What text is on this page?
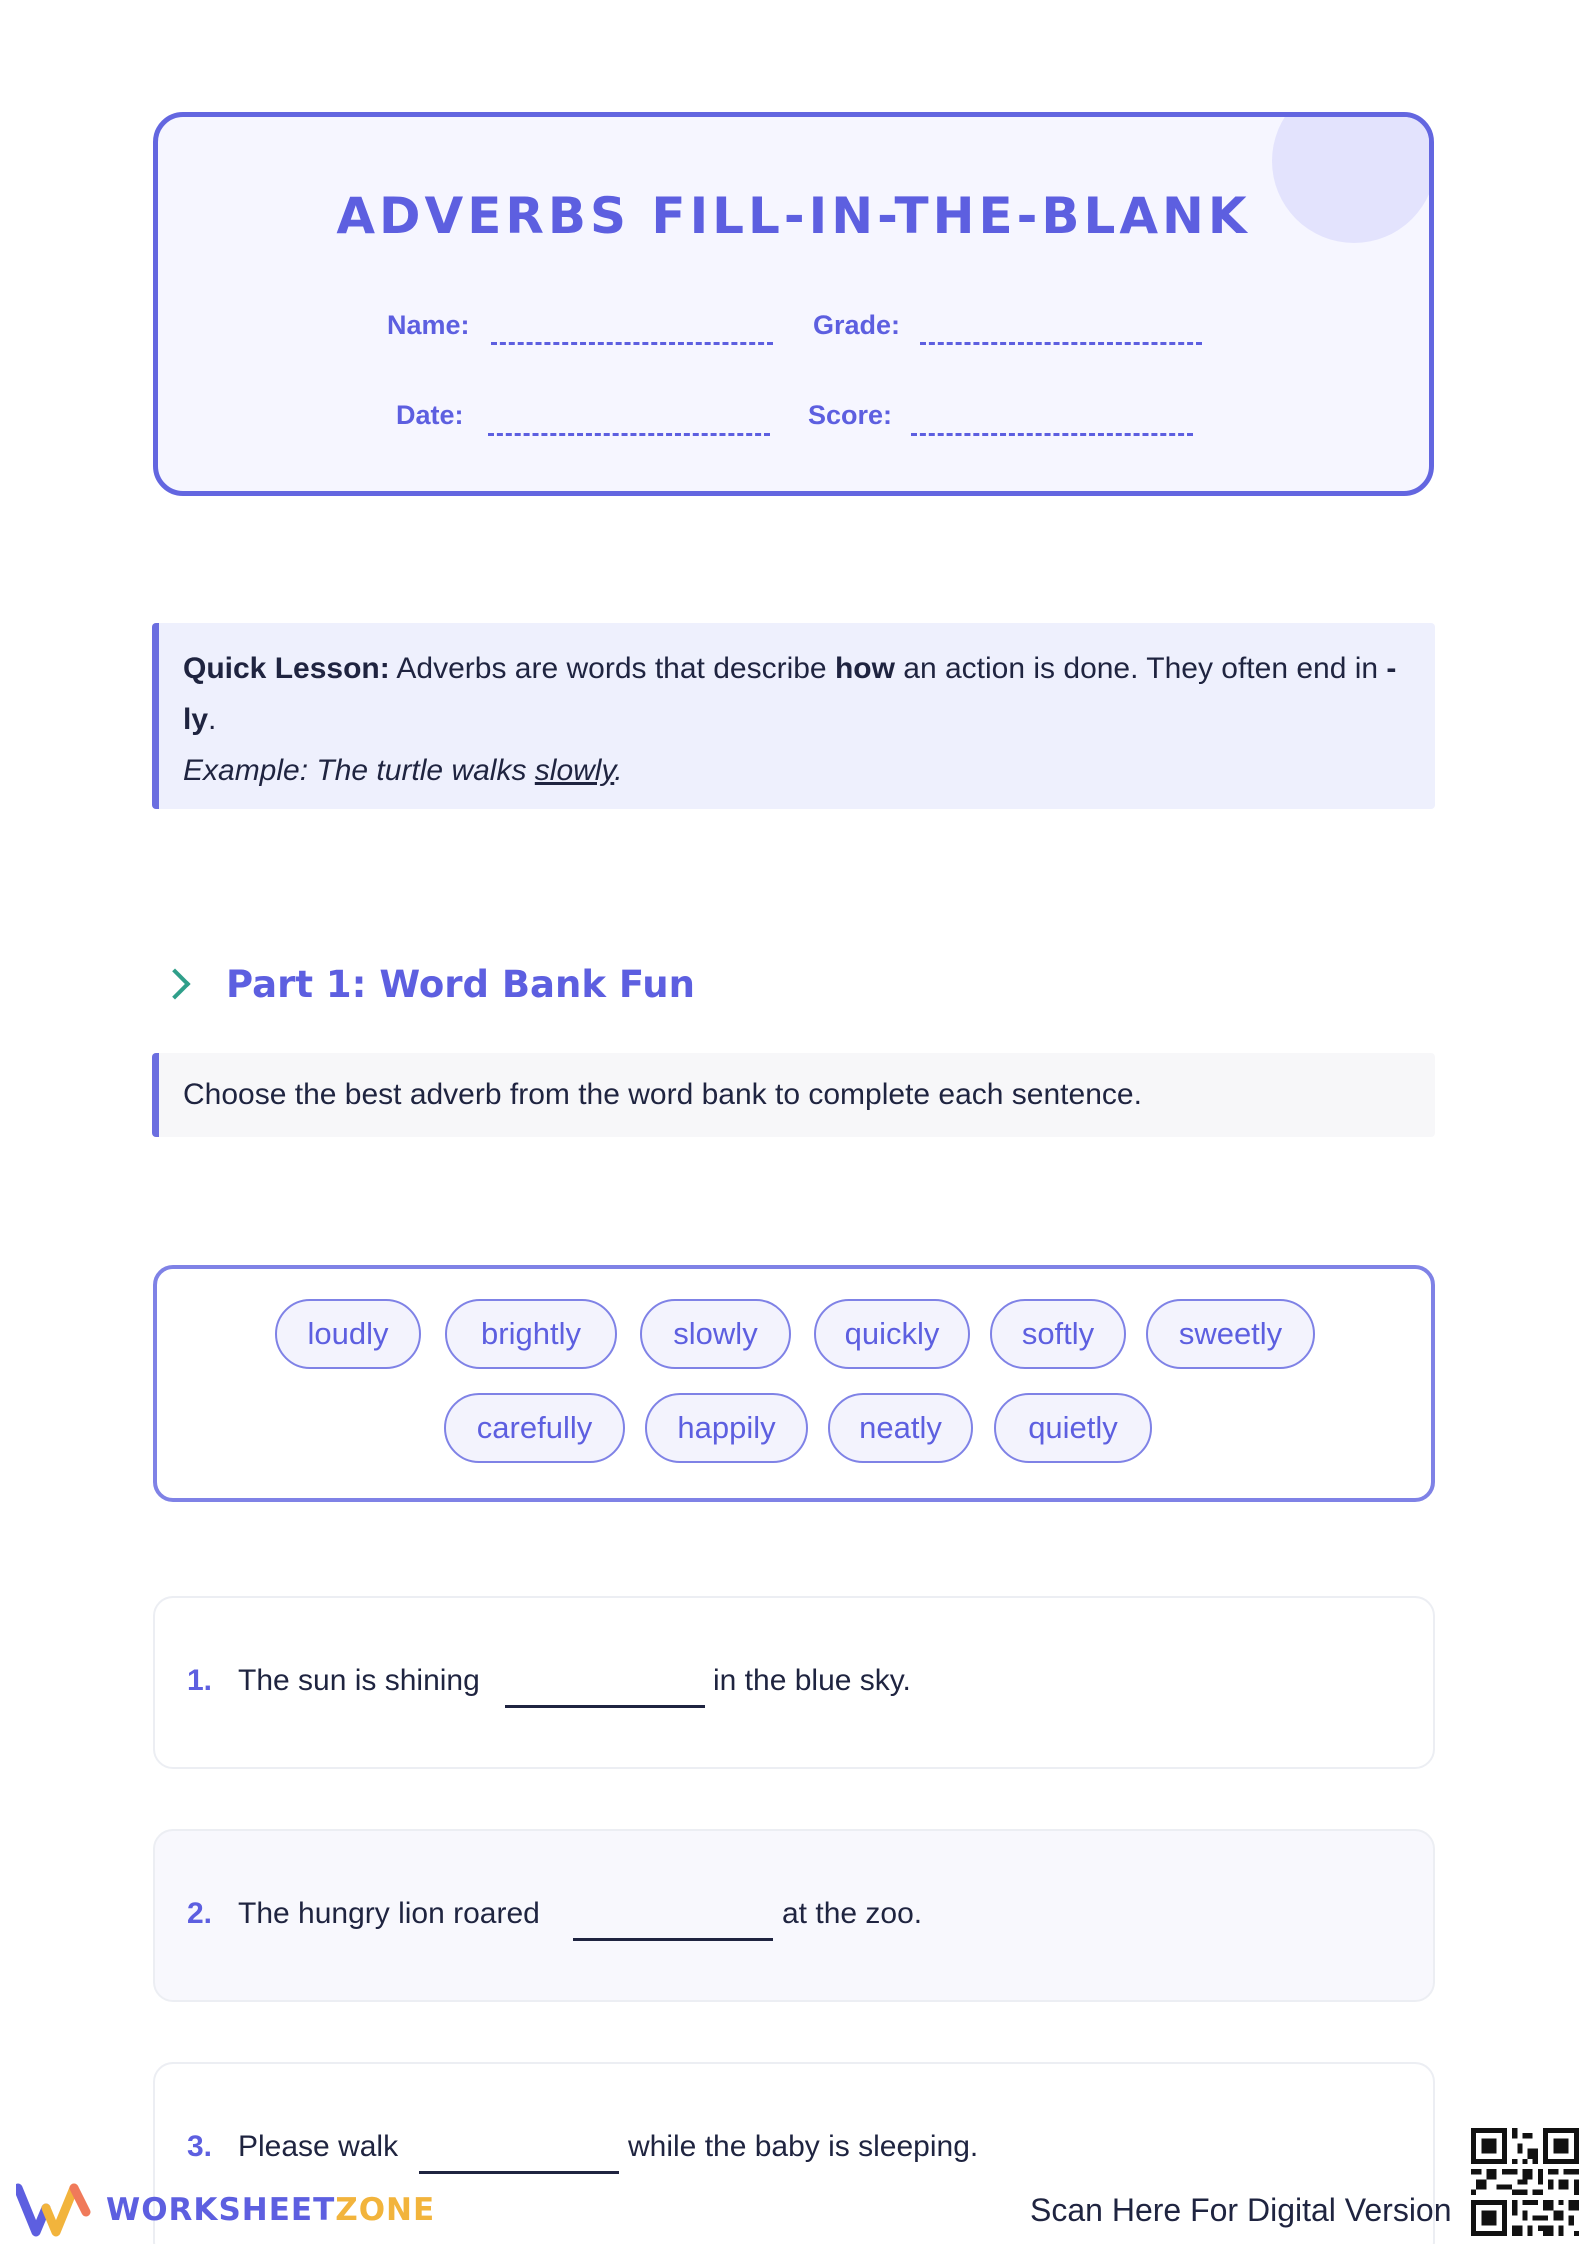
ADVERBS FILL-IN-THE-BLANK
Name:	Grade:
Date:	Score:
Quick Lesson: Adverbs are words that describe how an action is done. They often end in -ly.
Example: The turtle walks slowly.
Part 1: Word Bank Fun
Choose the best adverb from the word bank to complete each sentence.
loudly	brightly	slowly	quickly	softly	sweetly
carefully	happily	neatly	quietly
1. The sun is shining	in the blue sky.
2. The hungry lion roared	at the zoo.
3. Please walk	while the baby is sleeping.
WORKSHEETZONE	Scan Here For Digital Version
